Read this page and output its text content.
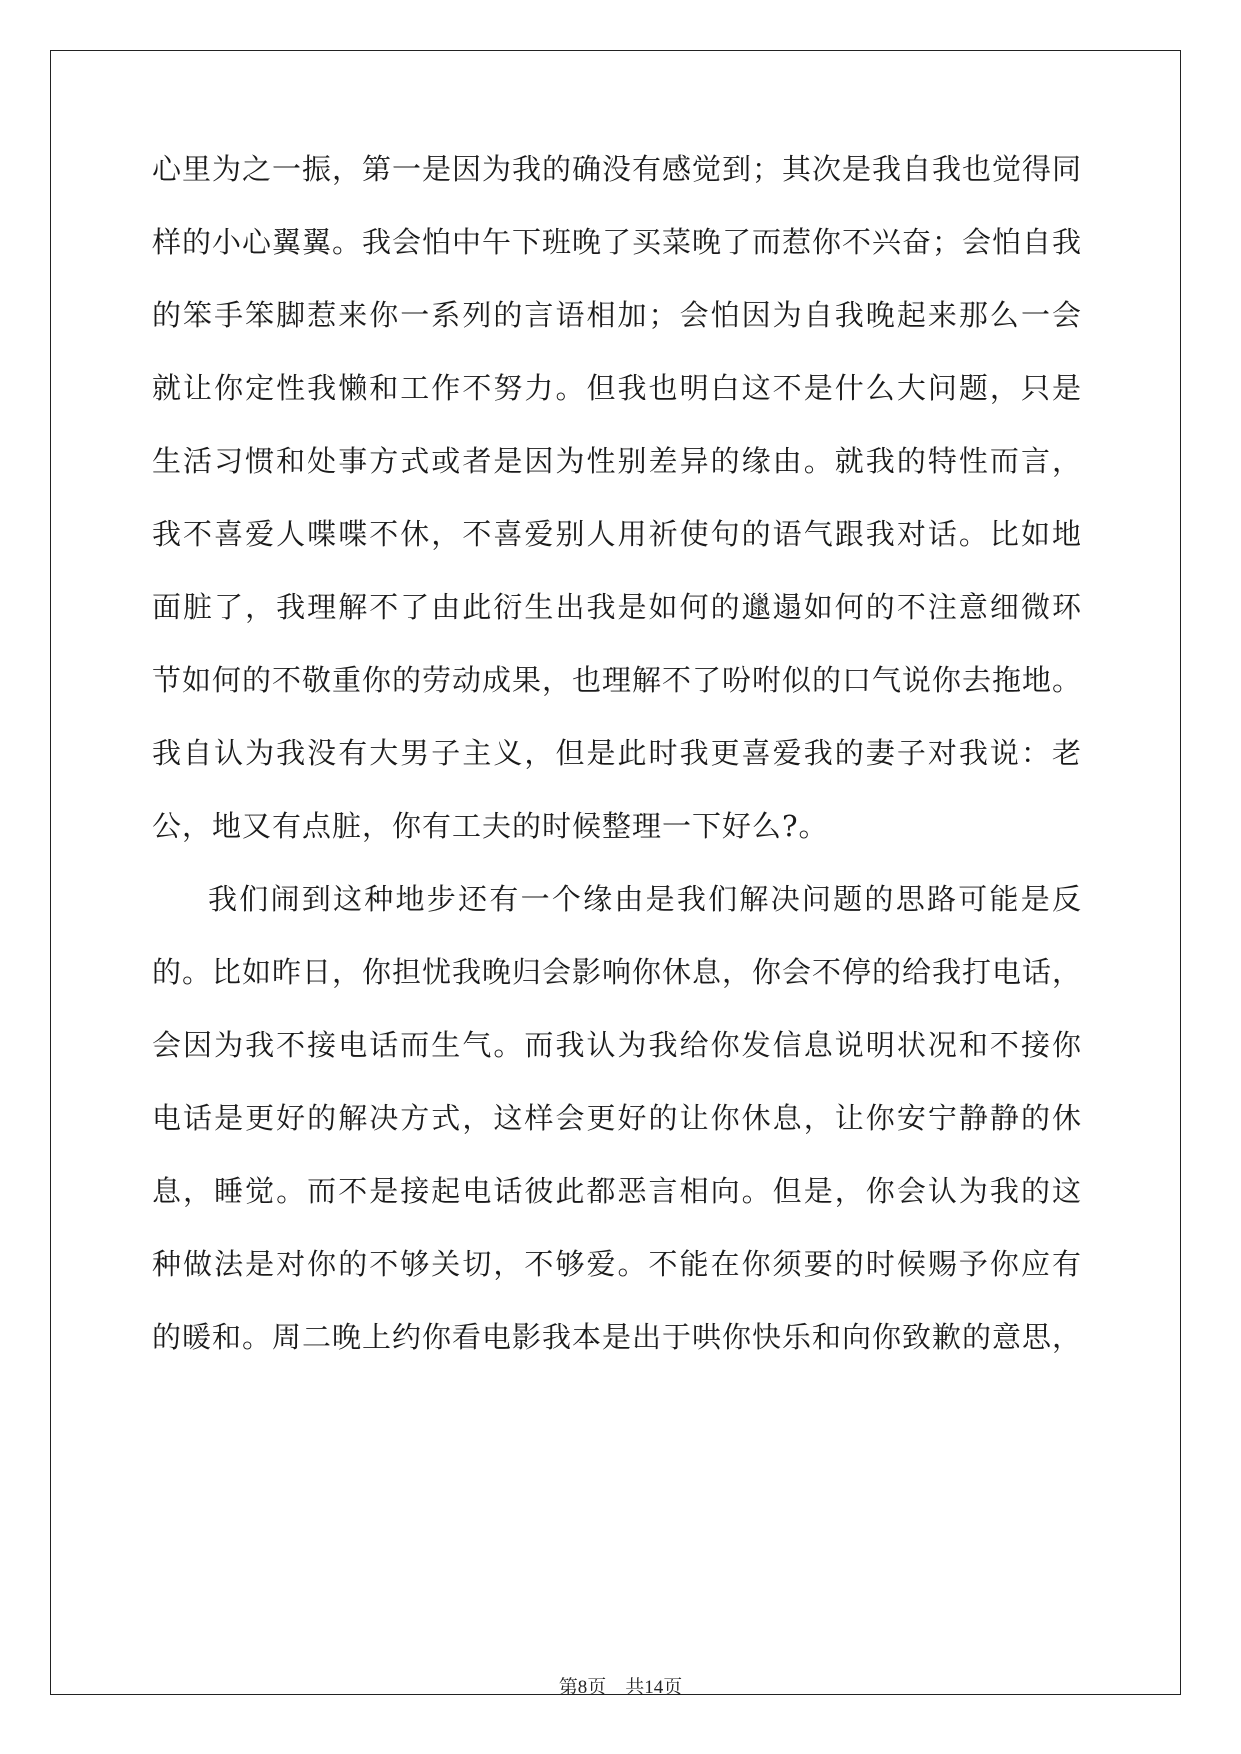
心里为之一振，第一是因为我的确没有感觉到；其次是我自我也觉得同
样的小心翼翼。我会怕中午下班晚了买菜晚了而惹你不兴奋；会怕自我
的笨手笨脚惹来你一系列的言语相加；会怕因为自我晚起来那么一会
就让你定性我懒和工作不努力。但我也明白这不是什么大问题，只是
生活习惯和处事方式或者是因为性别差异的缘由。就我的特性而言，
我不喜爱人喋喋不休，不喜爱别人用祈使句的语气跟我对话。比如地
面脏了，我理解不了由此衍生出我是如何的邋遢如何的不注意细微环
节如何的不敬重你的劳动成果，也理解不了吩咐似的口气说你去拖地。
我自认为我没有大男子主义，但是此时我更喜爱我的妻子对我说：老
公，地又有点脏，你有工夫的时候整理一下好么?。
我们闹到这种地步还有一个缘由是我们解决问题的思路可能是反
的。比如昨日，你担忧我晚归会影响你休息，你会不停的给我打电话，
会因为我不接电话而生气。而我认为我给你发信息说明状况和不接你
电话是更好的解决方式，这样会更好的让你休息，让你安宁静静的休
息，睡觉。而不是接起电话彼此都恶言相向。但是，你会认为我的这
种做法是对你的不够关切，不够爱。不能在你须要的时候赐予你应有
的暖和。周二晚上约你看电影我本是出于哄你快乐和向你致歉的意思，
第8页 共14页
